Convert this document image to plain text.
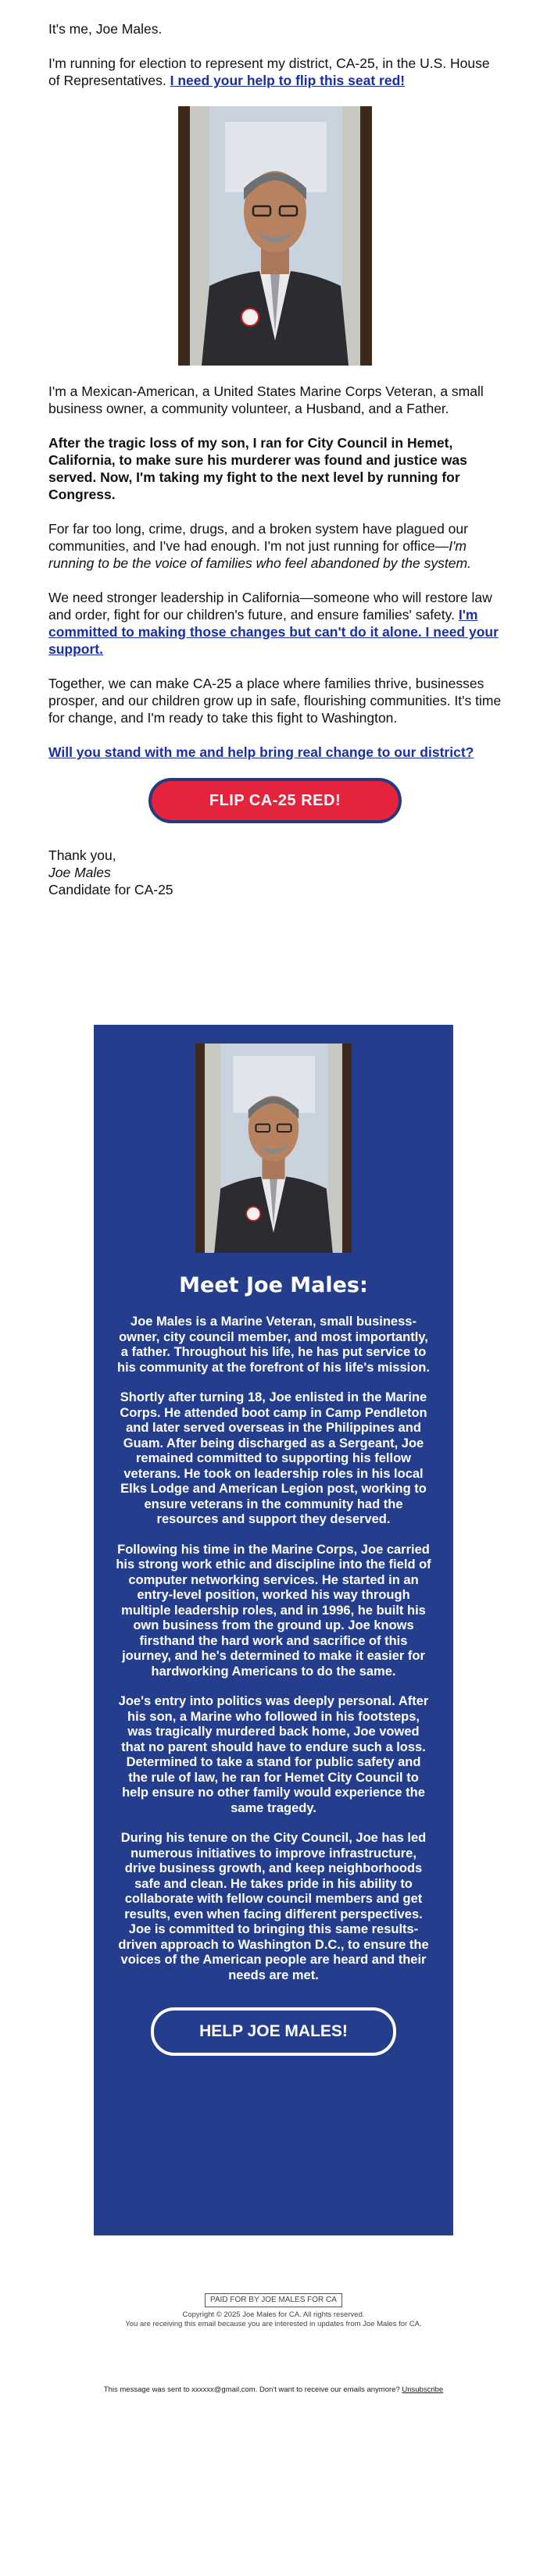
It's me, Joe Males.

I'm running for election to represent my district, CA-25, in the U.S. House of Representatives. I need your help to flip this seat red!

I'm a Mexican-American, a United States Marine Corps Veteran, a small business owner, a community volunteer, a Husband, and a Father.

After the tragic loss of my son, I ran for City Council in Hemet, California, to make sure his murderer was found and justice was served. Now, I'm taking my fight to the next level by running for Congress.

For far too long, crime, drugs, and a broken system have plagued our communities, and I've had enough. I'm not just running for office—I'm running to be the voice of families who feel abandoned by the system.

We need stronger leadership in California—someone who will restore law and order, fight for our children's future, and ensure families' safety. I'm committed to making those changes but can't do it alone. I need your support.

Together, we can make CA-25 a place where families thrive, businesses prosper, and our children grow up in safe, flourishing communities. It's time for change, and I'm ready to take this fight to Washington.

Will you stand with me and help bring real change to our district?

FLIP CA-25 RED!

Thank you,

Joe Males

Candidate for CA-25

Meet Joe Males:

Joe Males is a Marine Veteran, small business-owner, city council member, and most importantly, a father. Throughout his life, he has put service to his community at the forefront of his life's mission.

Shortly after turning 18, Joe enlisted in the Marine Corps. He attended boot camp in Camp Pendleton and later served overseas in the Philippines and Guam. After being discharged as a Sergeant, Joe remained committed to supporting his fellow veterans. He took on leadership roles in his local Elks Lodge and American Legion post, working to ensure veterans in the community had the resources and support they deserved.

Following his time in the Marine Corps, Joe carried his strong work ethic and discipline into the field of computer networking services. He started in an entry-level position, worked his way through multiple leadership roles, and in 1996, he built his own business from the ground up. Joe knows firsthand the hard work and sacrifice of this journey, and he's determined to make it easier for hardworking Americans to do the same.

Joe's entry into politics was deeply personal. After his son, a Marine who followed in his footsteps, was tragically murdered back home, Joe vowed that no parent should have to endure such a loss. Determined to take a stand for public safety and the rule of law, he ran for Hemet City Council to help ensure no other family would experience the same tragedy.

During his tenure on the City Council, Joe has led numerous initiatives to improve infrastructure, drive business growth, and keep neighborhoods safe and clean. He takes pride in his ability to collaborate with fellow council members and get results, even when facing different perspectives. Joe is committed to bringing this same results-driven approach to Washington D.C., to ensure the voices of the American people are heard and their needs are met.

HELP JOE MALES!
PAID FOR BY JOE MALES FOR CA
Copyright © 2025 Joe Males for CA. All rights reserved.
You are receiving this email because you are interested in updates from Joe Males for CA.
This message was sent to xxxxxx@gmail.com. Don't want to receive our emails anymore? Unsubscribe
